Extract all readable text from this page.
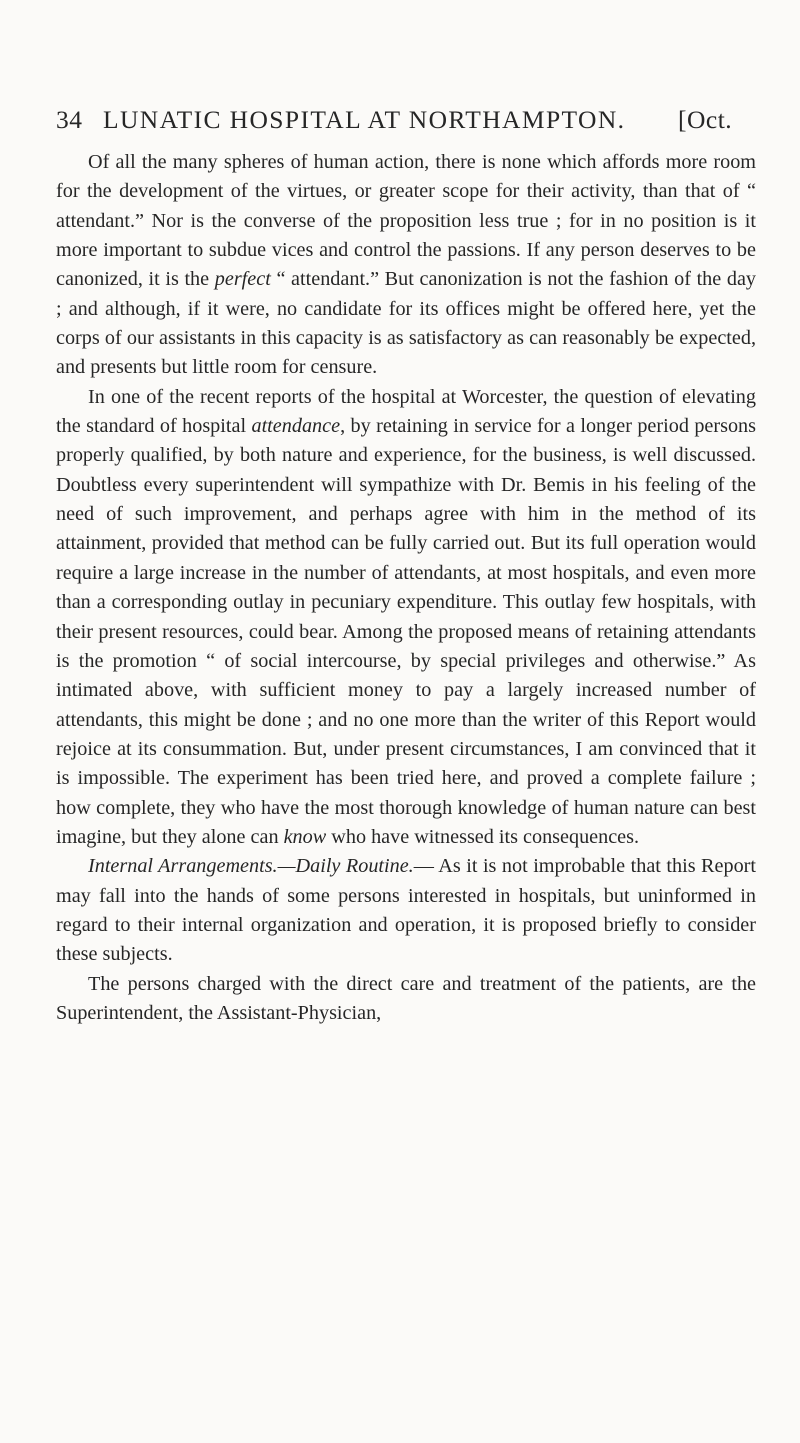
34 LUNATIC HOSPITAL AT NORTHAMPTON. [Oct.

Of all the many spheres of human action, there is none which affords more room for the development of the virtues, or greater scope for their activity, than that of “ attendant.” Nor is the converse of the proposition less true ; for in no position is it more important to subdue vices and control the passions. If any person deserves to be canonized, it is the perfect “ attendant.” But canonization is not the fashion of the day ; and although, if it were, no candidate for its offices might be offered here, yet the corps of our assistants in this capacity is as satisfactory as can reasonably be expected, and presents but little room for censure.

In one of the recent reports of the hospital at Worcester, the question of elevating the standard of hospital attendance, by retaining in service for a longer period persons properly qualified, by both nature and experience, for the business, is well discussed. Doubtless every superintendent will sympathize with Dr. Bemis in his feeling of the need of such improvement, and perhaps agree with him in the method of its attainment, provided that method can be fully carried out. But its full operation would require a large increase in the number of attendants, at most hospitals, and even more than a corresponding outlay in pecuniary expenditure. This outlay few hospitals, with their present resources, could bear. Among the proposed means of retaining attendants is the promotion “ of social intercourse, by special privileges and otherwise.” As intimated above, with sufficient money to pay a largely increased number of attendants, this might be done ; and no one more than the writer of this Report would rejoice at its consummation. But, under present circumstances, I am convinced that it is impossible. The experiment has been tried here, and proved a complete failure ; how complete, they who have the most thorough knowledge of human nature can best imagine, but they alone can know who have witnessed its consequences.

Internal Arrangements.—Daily Routine.— As it is not improbable that this Report may fall into the hands of some persons interested in hospitals, but uninformed in regard to their internal organization and operation, it is proposed briefly to consider these subjects.

The persons charged with the direct care and treatment of the patients, are the Superintendent, the Assistant-Physician,
